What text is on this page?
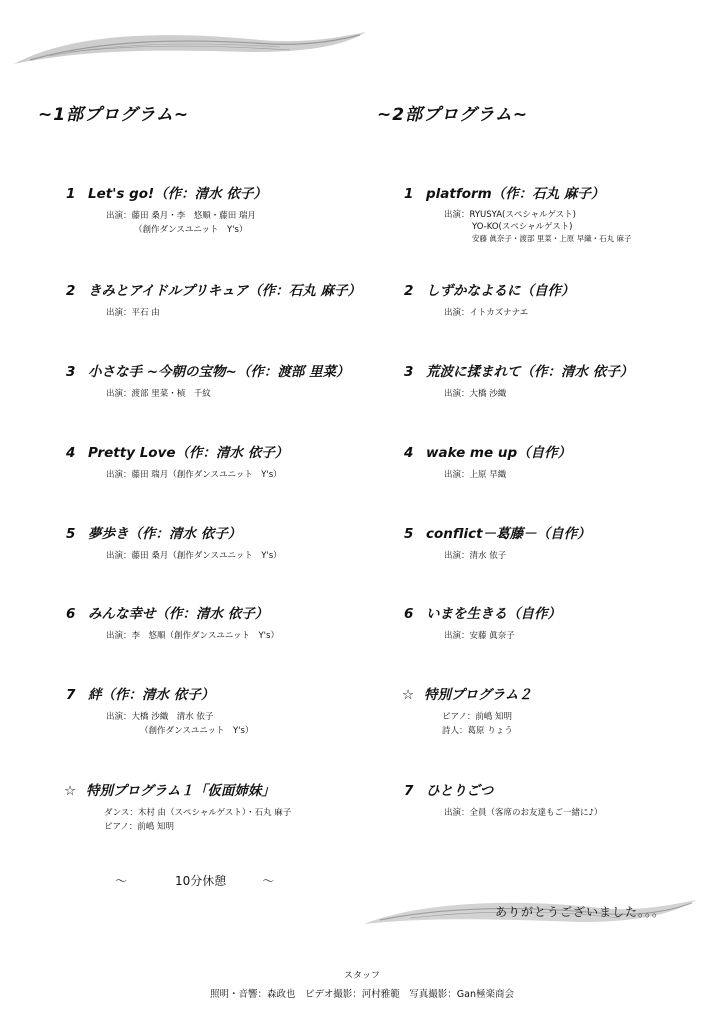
~1部プログラム~	~2部プログラム~
1 Let's go!（作：清水 依子）
出演：藤田 桑月・李　悠順・藤田 瑞月
（創作ダンスユニット　Y's）
2 きみとアイドルプリキュア（作：石丸 麻子）
出演：平石 由
3 小さな手 ~今朝の宝物~（作：渡部 里菜）
出演：渡部 里菜・楨　千紋
4 Pretty Love（作：清水 依子）
出演：藤田 瑞月（創作ダンスユニット　Y's）
5 夢歩き（作：清水 依子）
出演：藤田 桑月（創作ダンスユニット　Y's）
6 みんな幸せ（作：清水 依子）
出演：李　悠順（創作ダンスユニット　Y's）
7 絆（作：清水 依子）
出演：大橋 沙織　清水 依子
（創作ダンスユニット　Y's）
☆ 特別プログラム１「仮面姉妹」
ダンス：木村 由（スペシャルゲスト）・石丸 麻子
ピアノ：前嶋 知明
1 platform（作：石丸 麻子）
出演：RYUSYA(スペシャルゲスト)
YO-KO(スペシャルゲスト)
安藤 眞奈子・渡部 里菜・上原 早織・石丸 麻子
2 しずかなよるに（自作）
出演：イトカズナナエ
3 荒波に揉まれて（作：清水 依子）
出演：大橋 沙織
4 wake me up（自作）
出演：上原 早織
5 conflict－葛藤－（自作）
出演：清水 依子
6 いまを生きる（自作）
出演：安藤 眞奈子
☆ 特別プログラム２
ピアノ：前嶋 知明
詩人：葛原 りょう
7 ひとりごつ
出演：全員（客席のお友達もご一緒に♪）
～　　　　10分休憩　　　～
ありがとうございました。。。
スタッフ
照明・音響：森政也　ビデオ撮影：河村雅範　写真撮影：Gan極楽商会
